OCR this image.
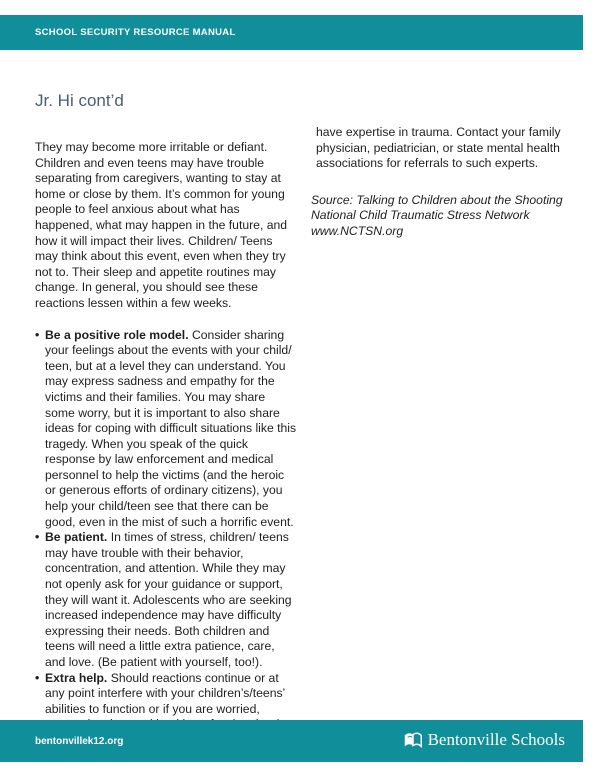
SCHOOL SECURITY RESOURCE MANUAL
Jr. Hi cont’d

They may become more irritable or defiant. Children and even teens may have trouble separating from caregivers, wanting to stay at home or close by them. It’s common for young people to feel anxious about what has happened, what may happen in the future, and how it will impact their lives. Children/ Teens may think about this event, even when they try not to. Their sleep and appetite routines may change. In general, you should see these reactions lessen within a few weeks.

• Be a positive role model. Consider sharing your feelings about the events with your child/ teen, but at a level they can understand. You may express sadness and empathy for the victims and their families. You may share some worry, but it is important to also share ideas for coping with difficult situations like this tragedy. When you speak of the quick response by law enforcement and medical personnel to help the victims (and the heroic or generous efforts of ordinary citizens), you help your child/teen see that there can be good, even in the mist of such a horrific event.
• Be patient. In times of stress, children/ teens may have trouble with their behavior, concentration, and attention. While they may not openly ask for your guidance or support, they will want it. Adolescents who are seeking increased independence may have difficulty expressing their needs. Both children and teens will need a little extra patience, care, and love. (Be patient with yourself, too!).
• Extra help. Should reactions continue or at any point interfere with your children’s/teens’ abilities to function or if you are worried,

have expertise in trauma. Contact your family physician, pediatrician, or state mental health associations for referrals to such experts.

Source: Talking to Children about the Shooting
National Child Traumatic Stress Network
www.NCTSN.org

bentonvillek12.org	Bentonville Schools
